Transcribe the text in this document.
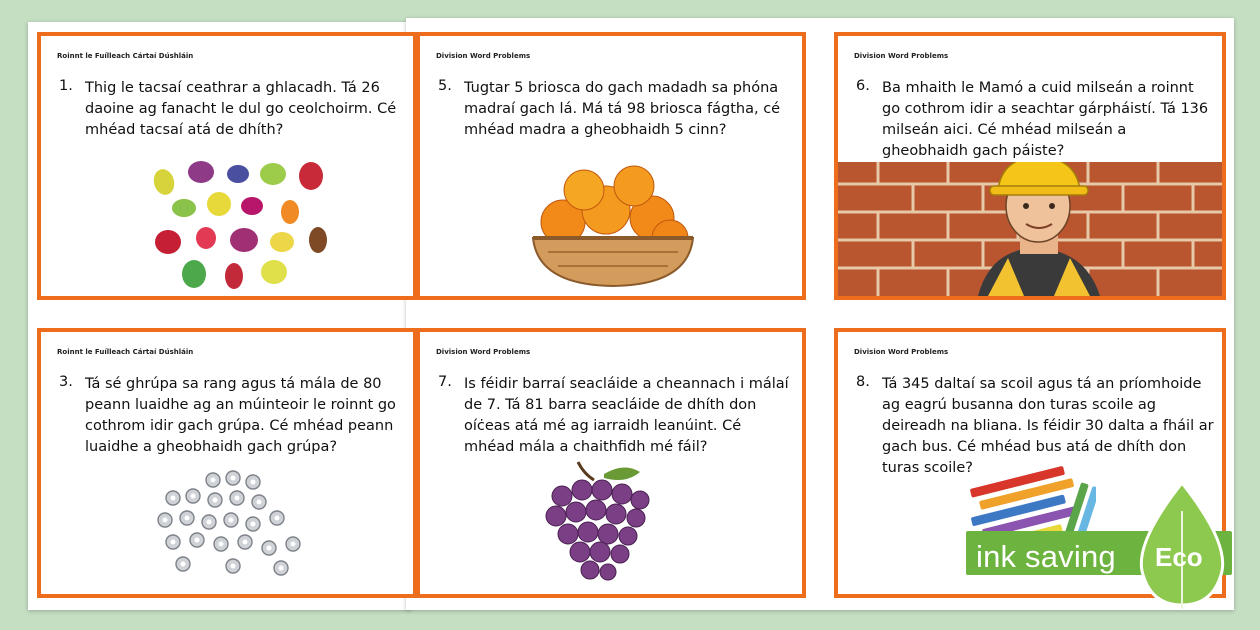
Roinnt le Fuílleach Cártaí Dúshláin
1. Thig le tacsaí ceathrar a ghlacadh. Tá 26 daoine ag fanacht le dul go ceolchoirm. Cé mhéad tacsaí atá de dhíth?
Division Word Problems
5. Tugtar 5 briosca do gach madadh sa phóna madraí gach lá. Má tá 98 briosca fágtha, cé mhéad madra a gheobhaidh 5 cinn?
Division Word Problems
6. Ba mhaith le Mamó a cuid milseán a roinnt go cothrom idir a seachtar gárpháistí. Tá 136 milseán aici. Cé mhéad milseán a gheobhaidh gach páiste?
Roinnt le Fuílleach Cártaí Dúshláin
3. Tá sé ghrúpa sa rang agus tá mála de 80 peann luaidhe ag an múinteoir le roinnt go cothrom idir gach grúpa. Cé mhéad peann luaidhe a gheobhaidh gach grúpa?
Division Word Problems
7. Is féidir barraí seacláide a cheannach i málaí de 7. Tá 81 barra seacláide de dhíth don oíċeas atá mé ag iarraidh leanúint. Cé mhéad mála a chaithfidh mé fáil?
Division Word Problems
8. Tá 345 daltaí sa scoil agus tá an príomhoide ag eagrú busanna don turas scoile ag deireadh na bliana. Is féidir 30 dalta a fháil ar gach bus. Cé mhéad bus atá de dhíth don turas scoile?
ink saving Eco
